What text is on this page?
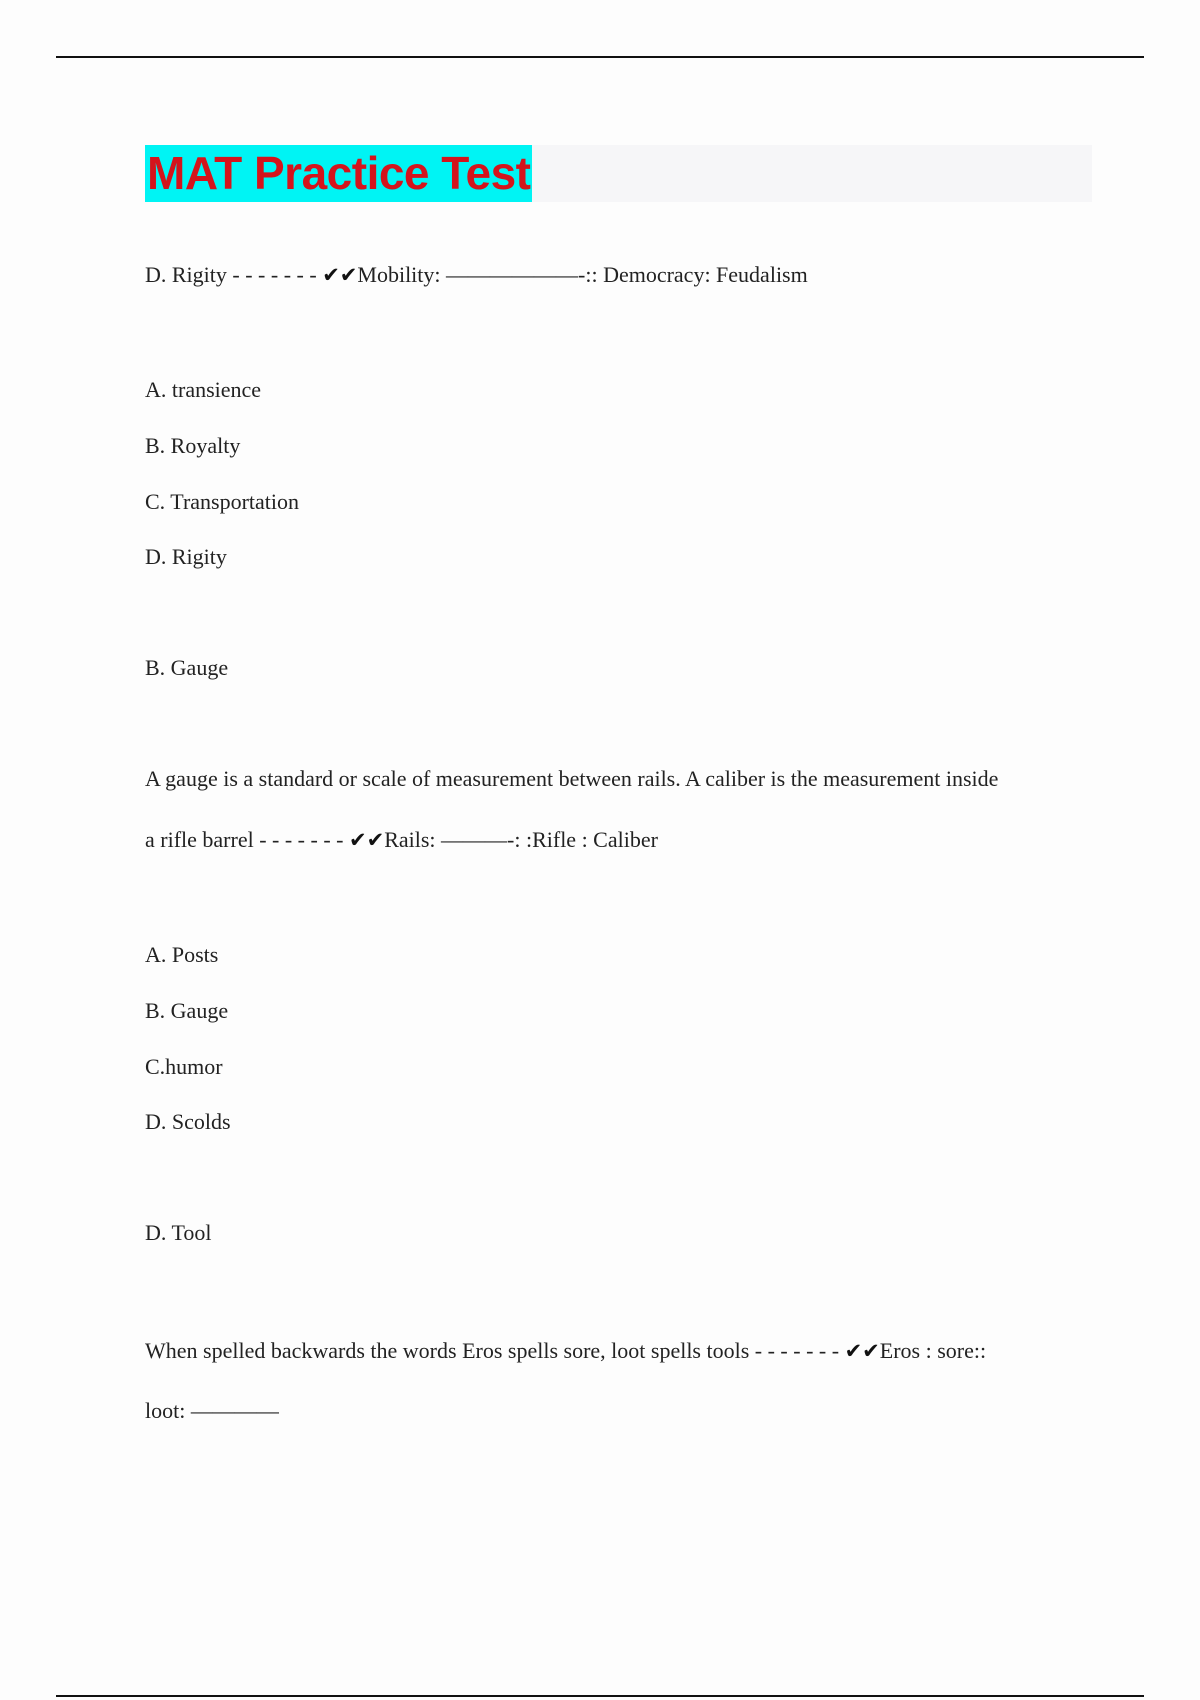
MAT Practice Test
D. Rigity - - - - - - - ✔✔Mobility: ——————-:: Democracy: Feudalism
A. transience
B. Royalty
C. Transportation
D. Rigity
B. Gauge
A gauge is a standard or scale of measurement between rails. A caliber is the measurement inside
a rifle barrel - - - - - - - ✔✔Rails: ———-: :Rifle : Caliber
A. Posts
B. Gauge
C.humor
D. Scolds
D. Tool
When spelled backwards the words Eros spells sore, loot spells tools - - - - - - - ✔✔Eros : sore::
loot: ————
